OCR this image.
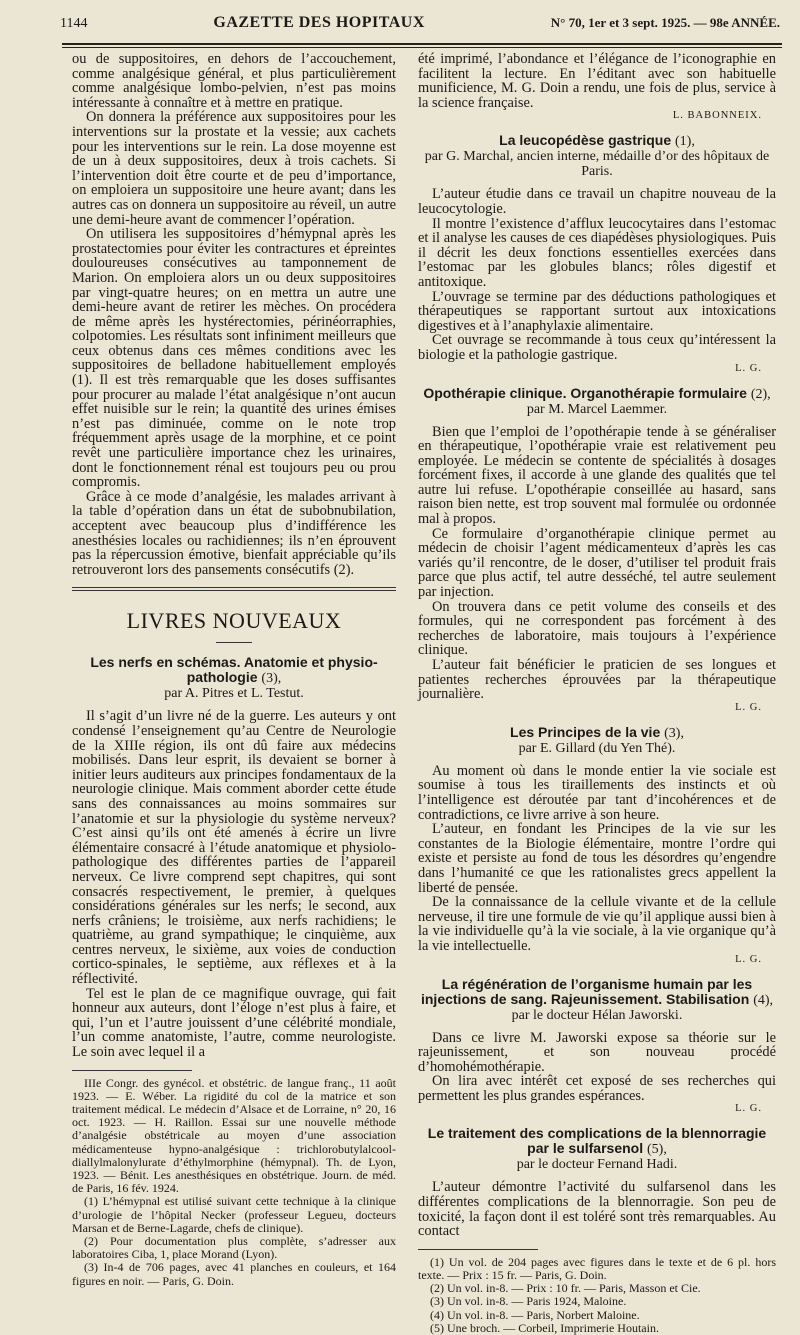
1144	GAZETTE DES HOPITAUX	N° 70, 1er et 3 sept. 1925. — 98e ANNÉE.

ou de suppositoires, en dehors de l’accouchement, comme analgésique général, et plus particulièrement comme analgésique lombo-pelvien, n’est pas moins intéressante à connaître et à mettre en pratique.

On donnera la préférence aux suppositoires pour les interventions sur la prostate et la vessie; aux cachets pour les interventions sur le rein. La dose moyenne est de un à deux suppositoires, deux à trois cachets. Si l’intervention doit être courte et de peu d’importance, on emploiera un suppositoire une heure avant; dans les autres cas on donnera un suppositoire au réveil, un autre une demi-heure avant de commencer l’opération.

On utilisera les suppositoires d’hémypnal après les prostatectomies pour éviter les contractures et épreintes douloureuses consécutives au tamponnement de Marion. On emploiera alors un ou deux suppositoires par vingt-quatre heures; on en mettra un autre une demi-heure avant de retirer les mèches. On procédera de même après les hystérectomies, périnéorraphies, colpotomies. Les résultats sont infiniment meilleurs que ceux obtenus dans ces mêmes conditions avec les suppositoires de belladone habituellement employés (1). Il est très remarquable que les doses suffisantes pour procurer au malade l’état analgésique n’ont aucun effet nuisible sur le rein; la quantité des urines émises n’est pas diminuée, comme on le note trop fréquemment après usage de la morphine, et ce point revêt une particulière importance chez les urinaires, dont le fonctionnement rénal est toujours peu ou prou compromis.

Grâce à ce mode d’analgésie, les malades arrivant à la table d’opération dans un état de subobnubilation, acceptent avec beaucoup plus d’indifférence les anesthésies locales ou rachidiennes; ils n’en éprouvent pas la répercussion émotive, bienfait appréciable qu’ils retrouveront lors des pansements consécutifs (2).

LIVRES NOUVEAUX
Les nerfs en schémas. Anatomie et physio-pathologie (3),
par A. Pitres et L. Testut.

Il s’agit d’un livre né de la guerre. Les auteurs y ont condensé l’enseignement qu’au Centre de Neurologie de la XIIIe région, ils ont dû faire aux médecins mobilisés. Dans leur esprit, ils devaient se borner à initier leurs auditeurs aux principes fondamentaux de la neurologie clinique. Mais comment aborder cette étude sans des connaissances au moins sommaires sur l’anatomie et sur la physiologie du système nerveux? C’est ainsi qu’ils ont été amenés à écrire un livre élémentaire consacré à l’étude anatomique et physiolo-pathologique des différentes parties de l’appareil nerveux. Ce livre comprend sept chapitres, qui sont consacrés respectivement, le premier, à quelques considérations générales sur les nerfs; le second, aux nerfs crâniens; le troisième, aux nerfs rachidiens; le quatrième, au grand sympathique; le cinquième, aux centres nerveux, le sixième, aux voies de conduction cortico-spinales, le septième, aux réflexes et à la réflectivité.

Tel est le plan de ce magnifique ouvrage, qui fait honneur aux auteurs, dont l’éloge n’est plus à faire, et qui, l’un et l’autre jouissent d’une célébrité mondiale, l’un comme anatomiste, l’autre, comme neurologiste. Le soin avec lequel il a

IIIe Congr. des gynécol. et obstétric. de langue franç., 11 août 1923. — E. Wéber. La rigidité du col de la matrice et son traitement médical. Le médecin d’Alsace et de Lorraine, n° 20, 16 oct. 1923. — H. Raillon. Essai sur une nouvelle méthode d’analgésie obstétricale au moyen d’une association médicamenteuse hypno-analgésique : trichlorobutylalcool-diallylmalonylurate d’éthylmorphine (hémypnal). Th. de Lyon, 1923. — Bénit. Les anesthésiques en obstétrique. Journ. de méd. de Paris, 16 fév. 1924.
(1) L’hémypnal est utilisé suivant cette technique à la clinique d’urologie de l’hôpital Necker (professeur Legueu, docteurs Marsan et de Berne-Lagarde, chefs de clinique).
(2) Pour documentation plus complète, s’adresser aux laboratoires Ciba, 1, place Morand (Lyon).
(3) In-4 de 706 pages, avec 41 planches en couleurs, et 164 figures en noir. — Paris, G. Doin.

été imprimé, l’abondance et l’élégance de l’iconographie en facilitent la lecture. En l’éditant avec son habituelle munificience, M. G. Doin a rendu, une fois de plus, service à la science française.

L. BABONNEIX.
La leucopédèse gastrique (1),
par G. Marchal, ancien interne, médaille d’or des hôpitaux de Paris.

L’auteur étudie dans ce travail un chapitre nouveau de la leucocytologie.

Il montre l’existence d’afflux leucocytaires dans l’estomac et il analyse les causes de ces diapédèses physiologiques. Puis il décrit les deux fonctions essentielles exercées dans l’estomac par les globules blancs; rôles digestif et antitoxique.

L’ouvrage se termine par des déductions pathologiques et thérapeutiques se rapportant surtout aux intoxications digestives et à l’anaphylaxie alimentaire.

Cet ouvrage se recommande à tous ceux qu’intéressent la biologie et la pathologie gastrique.

L. G.
Opothérapie clinique. Organothérapie formulaire (2),
par M. Marcel Laemmer.

Bien que l’emploi de l’opothérapie tende à se généraliser en thérapeutique, l’opothérapie vraie est relativement peu employée. Le médecin se contente de spécialités à dosages forcément fixes, il accorde à une glande des qualités que tel autre lui refuse. L’opothérapie conseillée au hasard, sans raison bien nette, est trop souvent mal formulée ou ordonnée mal à propos.

Ce formulaire d’organothérapie clinique permet au médecin de choisir l’agent médicamenteux d’après les cas variés qu’il rencontre, de le doser, d’utiliser tel produit frais parce que plus actif, tel autre desséché, tel autre seulement par injection.

On trouvera dans ce petit volume des conseils et des formules, qui ne correspondent pas forcément à des recherches de laboratoire, mais toujours à l’expérience clinique.

L’auteur fait bénéficier le praticien de ses longues et patientes recherches éprouvées par la thérapeutique journalière.

L. G.
Les Principes de la vie (3),
par E. Gillard (du Yen Thé).

Au moment où dans le monde entier la vie sociale est soumise à tous les tiraillements des instincts et où l’intelligence est déroutée par tant d’incohérences et de contradictions, ce livre arrive à son heure.

L’auteur, en fondant les Principes de la vie sur les constantes de la Biologie élémentaire, montre l’ordre qui existe et persiste au fond de tous les désordres qu’engendre dans l’humanité ce que les rationalistes grecs appellent la liberté de pensée.

De la connaissance de la cellule vivante et de la cellule nerveuse, il tire une formule de vie qu’il applique aussi bien à la vie individuelle qu’à la vie sociale, à la vie organique qu’à la vie intellectuelle.

L. G.
La régénération de l’organisme humain par les injections de sang. Rajeunissement. Stabilisation (4),
par le docteur Hélan Jaworski.

Dans ce livre M. Jaworski expose sa théorie sur le rajeunissement, et son nouveau procédé d’homohémothérapie.

On lira avec intérêt cet exposé de ses recherches qui permettent les plus grandes espérances.

L. G.
Le traitement des complications de la blennorragie par le sulfarsenol (5),
par le docteur Fernand Hadi.

L’auteur démontre l’activité du sulfarsenol dans les différentes complications de la blennorragie. Son peu de toxicité, la façon dont il est toléré sont très remarquables. Au contact

(1) Un vol. de 204 pages avec figures dans le texte et de 6 pl. hors texte. — Prix : 15 fr. — Paris, G. Doin.
(2) Un vol. in-8. — Prix : 10 fr. — Paris, Masson et Cie.
(3) Un vol. in-8. — Paris 1924, Maloine.
(4) Un vol. in-8. — Paris, Norbert Maloine.
(5) Une broch. — Corbeil, Imprimerie Houtain.
